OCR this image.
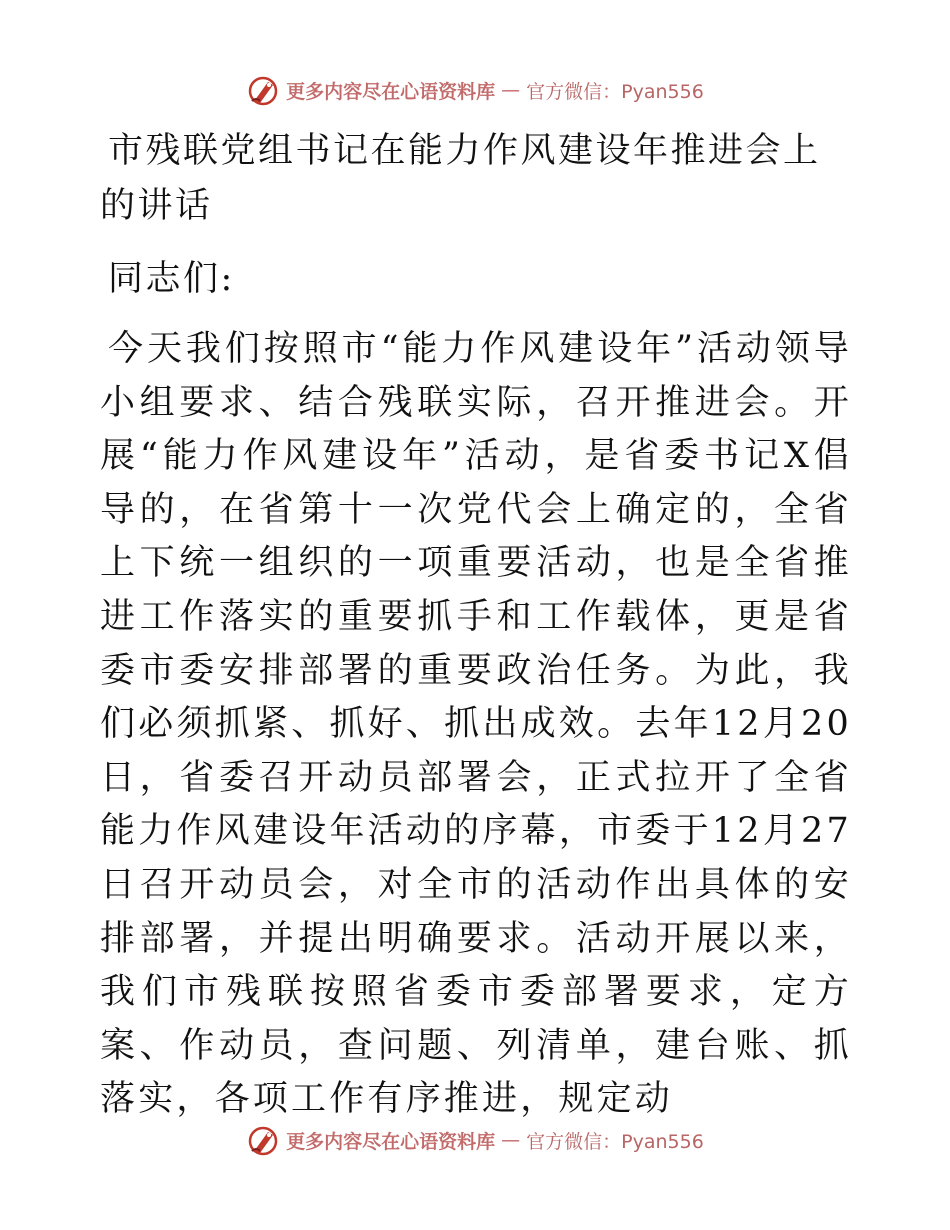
更多内容尽在心语资料库 — 官方微信：Pyan556
市残联党组书记在能力作风建设年推进会上的讲话

同志们:

今天我们按照市“能力作风建设年”活动领导小组要求、结合残联实际，召开推进会。开展“能力作风建设年”活动，是省委书记X倡导的，在省第十一次党代会上确定的，全省上下统一组织的一项重要活动，也是全省推进工作落实的重要抓手和工作载体，更是省委市委安排部署的重要政治任务。为此，我们必须抓紧、抓好、抓出成效。去年12月20日，省委召开动员部署会，正式拉开了全省能力作风建设年活动的序幕，市委于12月27日召开动员会，对全市的活动作出具体的安排部署，并提出明确要求。活动开展以来，我们市残联按照省委市委部署要求，定方案、作动员，查问题、列清单，建台账、抓落实，各项工作有序推进，规定动

更多内容尽在心语资料库 — 官方微信：Pyan556
